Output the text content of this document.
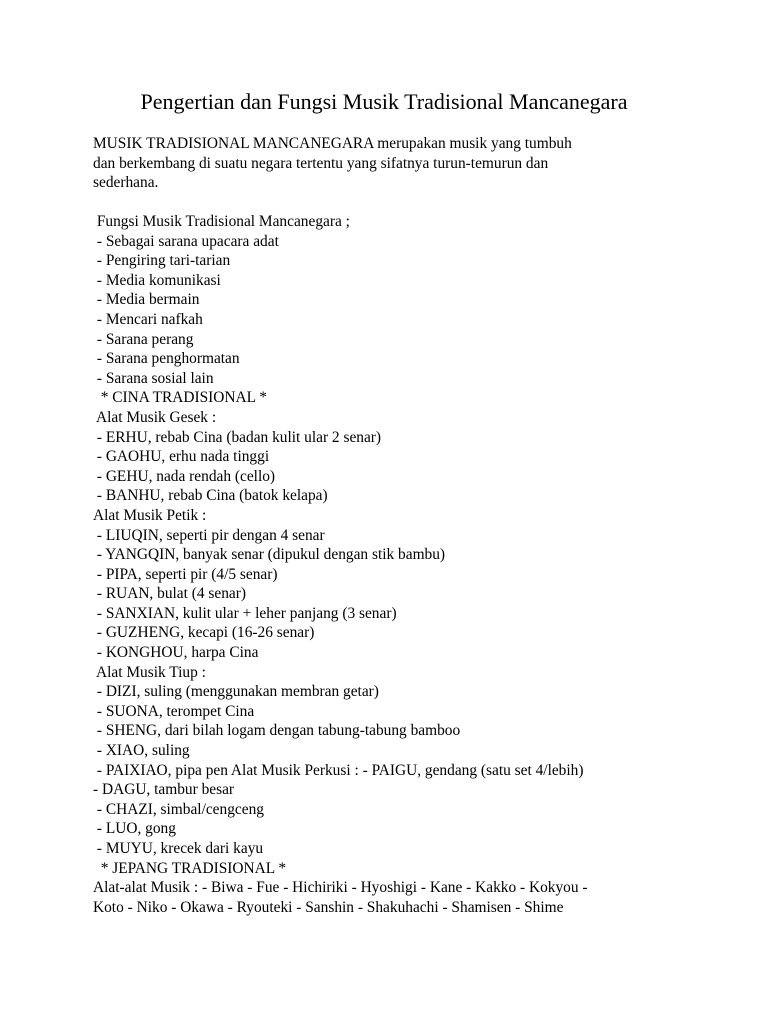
Pengertian dan Fungsi Musik Tradisional Mancanegara
MUSIK TRADISIONAL MANCANEGARA merupakan musik yang tumbuh
dan berkembang di suatu negara tertentu yang sifatnya turun-temurun dan
sederhana.
Fungsi Musik Tradisional Mancanegara ;
- Sebagai sarana upacara adat
- Pengiring tari-tarian
- Media komunikasi
- Media bermain
- Mencari nafkah
- Sarana perang
- Sarana penghormatan
- Sarana sosial lain
* CINA TRADISIONAL *
Alat Musik Gesek :
- ERHU, rebab Cina (badan kulit ular 2 senar)
- GAOHU, erhu nada tinggi
- GEHU, nada rendah (cello)
- BANHU, rebab Cina (batok kelapa)
Alat Musik Petik :
- LIUQIN, seperti pir dengan 4 senar
- YANGQIN, banyak senar (dipukul dengan stik bambu)
- PIPA, seperti pir (4/5 senar)
- RUAN, bulat (4 senar)
- SANXIAN, kulit ular + leher panjang (3 senar)
- GUZHENG, kecapi (16-26 senar)
- KONGHOU, harpa Cina
Alat Musik Tiup :
- DIZI, suling (menggunakan membran getar)
- SUONA, terompet Cina
- SHENG, dari bilah logam dengan tabung-tabung bamboo
- XIAO, suling
- PAIXIAO, pipa pen Alat Musik Perkusi : - PAIGU, gendang (satu set 4/lebih)
- DAGU, tambur besar
- CHAZI, simbal/cengceng
- LUO, gong
- MUYU, krecek dari kayu
* JEPANG TRADISIONAL *
Alat-alat Musik : - Biwa - Fue - Hichiriki - Hyoshigi - Kane - Kakko - Kokyou -
Koto - Niko - Okawa - Ryouteki - Sanshin - Shakuhachi - Shamisen - Shime
